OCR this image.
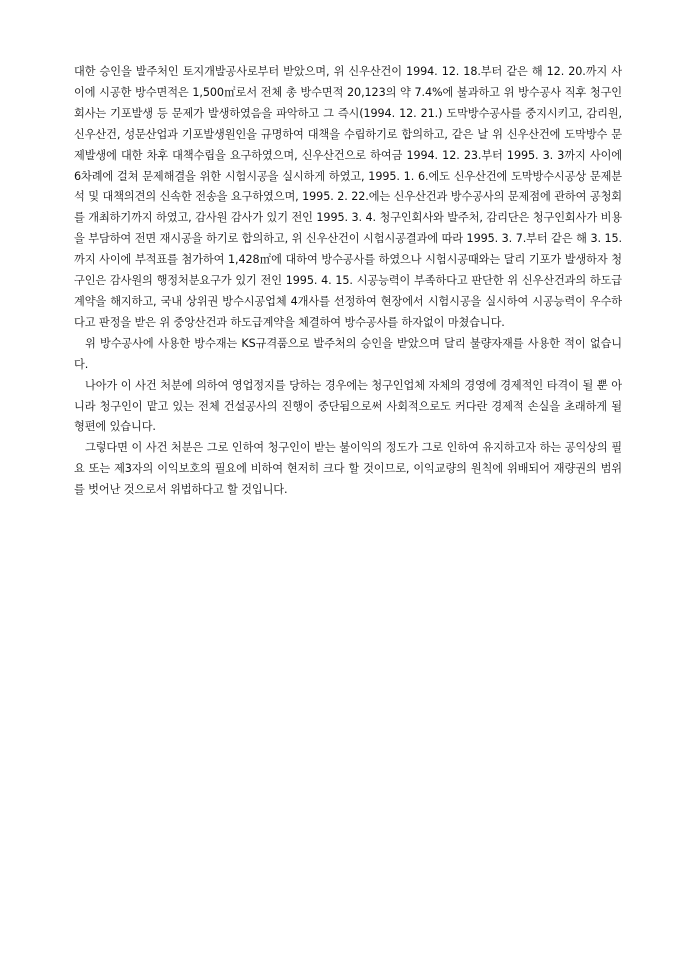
대한 승인을 발주처인 토지개발공사로부터 받았으며, 위 신우산건이 1994. 12. 18.부터 같은 해 12. 20.까지 사이에 시공한 방수면적은 1,500㎡로서 전체 총 방수면적 20,123의 약 7.4%에 불과하고 위 방수공사 직후 청구인회사는 기포발생 등 문제가 발생하였음을 파악하고 그 즉시(1994. 12. 21.) 도막방수공사를 중지시키고, 감리원, 신우산건, 성문산업과 기포발생원인을 규명하여 대책을 수립하기로 합의하고, 같은 날 위 신우산건에 도막방수 문제발생에 대한 차후 대책수립을 요구하였으며, 신우산건으로 하여금 1994. 12. 23.부터 1995. 3. 3까지 사이에 6차례에 걸쳐 문제해결을 위한 시험시공을 실시하게 하였고, 1995. 1. 6.에도 신우산건에 도막방수시공상 문제분석 및 대책의견의 신속한 전송을 요구하였으며, 1995. 2. 22.에는 신우산건과 방수공사의 문제점에 관하여 공청회를 개최하기까지 하였고, 감사원 감사가 있기 전인 1995. 3. 4. 청구인회사와 발주처, 감리단은 청구인회사가 비용을 부담하여 전면 재시공을 하기로 합의하고, 위 신우산건이 시험시공결과에 따라 1995. 3. 7.부터 같은 해 3. 15.까지 사이에 부적표를 첨가하여 1,428㎡에 대하여 방수공사를 하였으나 시험시공때와는 달리 기포가 발생하자 청구인은 감사원의 행정처분요구가 있기 전인 1995. 4. 15. 시공능력이 부족하다고 판단한 위 신우산건과의 하도급계약을 해지하고, 국내 상위권 방수시공업체 4개사를 선정하여 현장에서 시험시공을 실시하여 시공능력이 우수하다고 판정을 받은 위 중앙산건과 하도급계약을 체결하여 방수공사를 하자없이 마쳤습니다.

위 방수공사에 사용한 방수재는 KS규격품으로 발주처의 승인을 받았으며 달리 불량자재를 사용한 적이 없습니다.

나아가 이 사건 처분에 의하여 영업정지를 당하는 경우에는 청구인업체 자체의 경영에 경제적인 타격이 될 뿐 아니라 청구인이 맡고 있는 전체 건설공사의 진행이 중단됨으로써 사회적으로도 커다란 경제적 손실을 초래하게 될 형편에 있습니다.

그렇다면 이 사건 처분은 그로 인하여 청구인이 받는 불이익의 정도가 그로 인하여 유지하고자 하는 공익상의 필요 또는 제3자의 이익보호의 필요에 비하여 현저히 크다 할 것이므로, 이익교량의 원칙에 위배되어 재량권의 범위를 벗어난 것으로서 위법하다고 할 것입니다.
